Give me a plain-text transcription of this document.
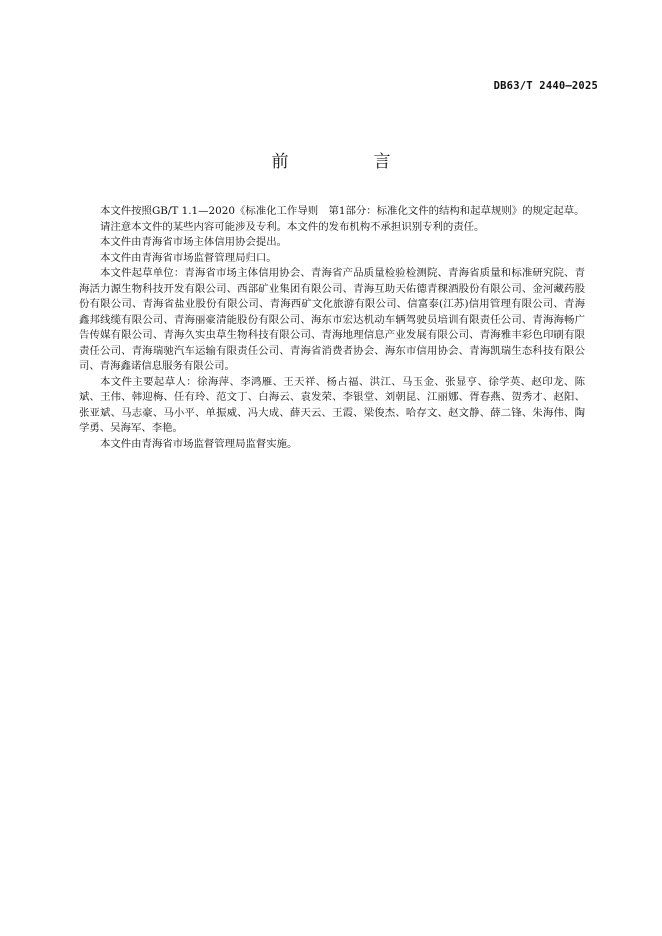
DB63/T 2440—2025
前　言

本文件按照GB/T 1.1—2020《标准化工作导则　第1部分：标准化文件的结构和起草规则》的规定起草。

请注意本文件的某些内容可能涉及专利。本文件的发布机构不承担识别专利的责任。

本文件由青海省市场主体信用协会提出。

本文件由青海省市场监督管理局归口。

本文件起草单位：青海省市场主体信用协会、青海省产品质量检验检测院、青海省质量和标准研究院、青海活力源生物科技开发有限公司、西部矿业集团有限公司、青海互助天佑德青稞酒股份有限公司、金河藏药股份有限公司、青海省盐业股份有限公司、青海西矿文化旅游有限公司、信富泰(江苏)信用管理有限公司、青海鑫邦线缆有限公司、青海丽豪清能股份有限公司、海东市宏达机动车辆驾驶员培训有限责任公司、青海海畅广告传媒有限公司、青海久实虫草生物科技有限公司、青海地理信息产业发展有限公司、青海雅丰彩色印刷有限责任公司、青海瑞驰汽车运输有限责任公司、青海省消费者协会、海东市信用协会、青海凯瑞生态科技有限公司、青海鑫诺信息服务有限公司。

本文件主要起草人：徐海萍、李鸿雁、王天祥、杨占福、洪江、马玉金、张显亨、徐学英、赵印龙、陈斌、王伟、韩迎梅、任有玲、范文丁、白海云、袁发荣、李银堂、刘朝昆、江丽娜、胥春燕、贺秀才、赵阳、张亚斌、马志豪、马小平、单振威、冯大成、薛天云、王霞、梁俊杰、哈存文、赵文静、薛二锋、朱海伟、陶学勇、吴海军、李艳。

本文件由青海省市场监督管理局监督实施。
